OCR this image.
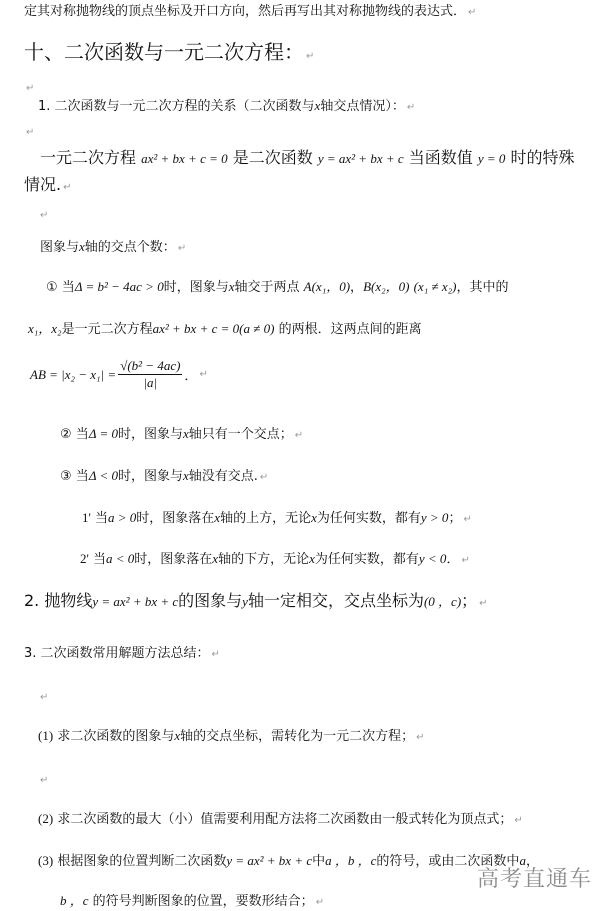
定其对称抛物线的顶点坐标及开口方向，然后再写出其对称抛物线的表达式． ↵
十、二次函数与一元二次方程： ↵
↵
1. 二次函数与一元二次方程的关系（二次函数与x轴交点情况）： ↵
↵
一元二次方程 ax² + bx + c = 0 是二次函数 y = ax² + bx + c 当函数值 y = 0 时的特殊
情况. ↵
↵
图象与x轴的交点个数： ↵
① 当Δ = b² − 4ac > 0时，图象与x轴交于两点 A(x₁，0)，B(x₂，0) (x₁ ≠ x₂)，其中的
x₁，x₂是一元二次方程ax² + bx + c = 0(a ≠ 0) 的两根．这两点间的距离
AB = $|x_2 - x_1| = \frac{\text{√(b² − 4ac)}}{|a|}$ ． ↵
② 当Δ = 0时，图象与x轴只有一个交点； ↵
③ 当Δ < 0时，图象与x轴没有交点. ↵
1' 当a > 0时，图象落在x轴的上方，无论x为任何实数，都有y > 0； ↵
2' 当a < 0时，图象落在x轴的下方，无论x为任何实数，都有y < 0． ↵
2. 抛物线y = ax² + bx + c的图象与y轴一定相交，交点坐标为(0 ，c)； ↵
3. 二次函数常用解题方法总结： ↵
↵
(1) 求二次函数的图象与x轴的交点坐标，需转化为一元二次方程； ↵
↵
(2) 求二次函数的最大（小）值需要利用配方法将二次函数由一般式转化为顶点式； ↵
(3) 根据图象的位置判断二次函数y = ax² + bx + c中a ，b ，c的符号，或由二次函数中a，
b ，c 的符号判断图象的位置，要数形结合； ↵
高考直通车
